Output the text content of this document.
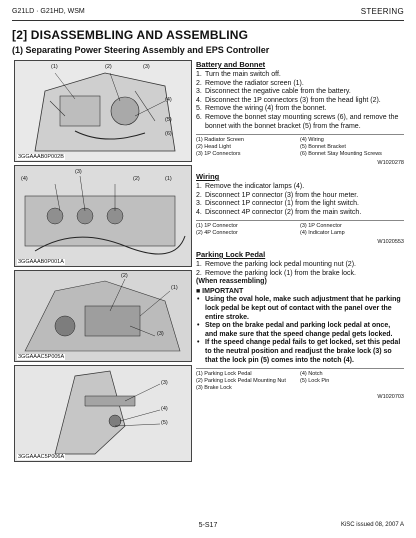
G21LD · G21HD, WSM	STEERING
[2] DISASSEMBLING AND ASSEMBLING
(1) Separating Power Steering Assembly and EPS Controller
(1)	(2)	(3)
(4)
(5)
(6)
3GGAAAB0P002B
(4)
(3)
(2)	(1)
3GGAAAB0P001A
(2)
(1)
(3)
3GGAAAC5P005A
(3)
(4)
(5)
3GGAAAC5P006A
Battery and Bonnet
1. Turn the main switch off.
2. Remove the radiator screen (1).
3. Disconnect the negative cable from the battery.
4. Disconnect the 1P connectors (3) from the head light (2).
5. Remove the wiring (4) from the bonnet.
6. Remove the bonnet stay mounting screws (6), and remove the bonnet with the bonnet bracket (5) from the frame.
(1) Radiator Screen	(4) Wiring
(2) Head Light	(5) Bonnet Bracket
(3) 1P Connectors	(6) Bonnet Stay Mounting Screws
W1020278
Wiring
1. Remove the indicator lamps (4).
2. Disconnect 1P connector (3) from the hour meter.
3. Disconnect 1P connector (1) from the light switch.
4. Disconnect 4P connector (2) from the main switch.
(1) 1P Connector	(3) 1P Connector
(2) 4P Connector	(4) Indicator Lamp
W1020553
Parking Lock Pedal
1. Remove the parking lock pedal mounting nut (2).
2. Remove the parking lock (1) from the brake lock.
(When reassembling)
■ IMPORTANT
• Using the oval hole, make such adjustment that he parking lock pedal be kept out of contact with the panel over the entire stroke.
• Step on the brake pedal and parking lock pedal at once, and make sure that the speed change pedal gets locked.
• If the speed change pedal fails to get locked, set this pedal to the neutral position and readjust the brake lock (3) so that the lock pin (5) comes into the notch (4).
(1) Parking Lock Pedal	(4) Notch
(2) Parking Lock Pedal Mounting Nut	(5) Lock Pin
(3) Brake Lock
W1020703
5-S17	KiSC issued 08, 2007 A
